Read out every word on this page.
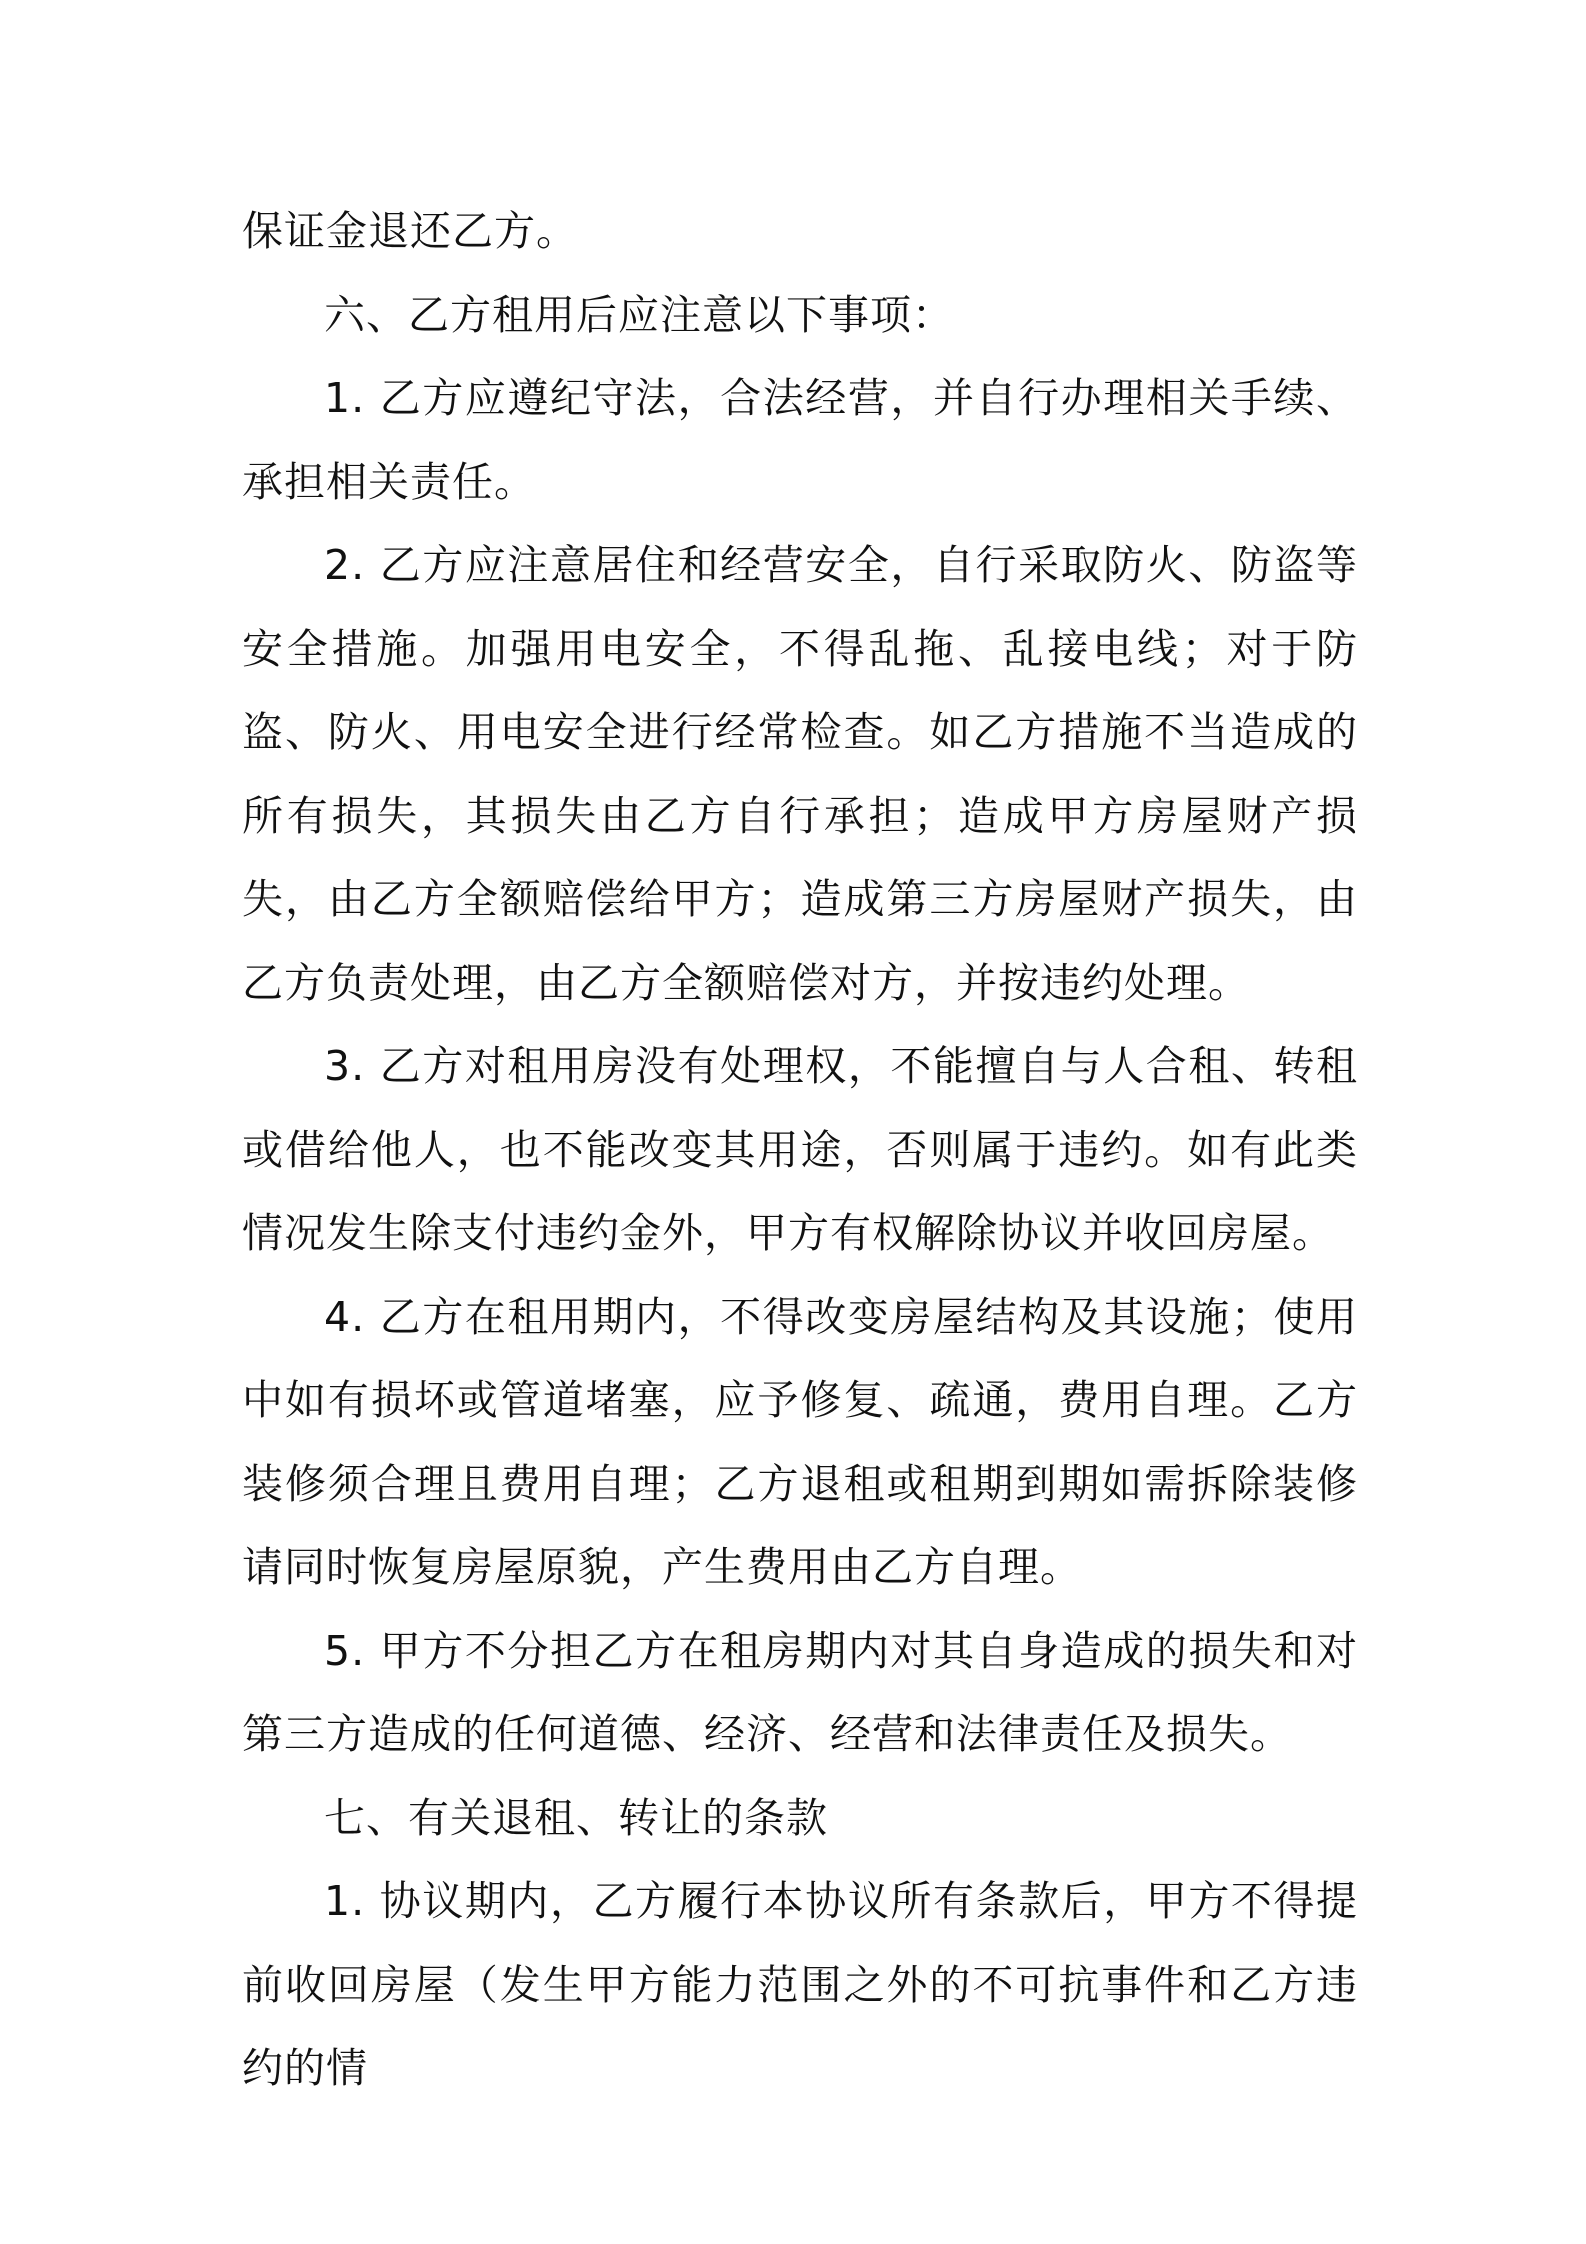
保证金退还乙方。

六、乙方租用后应注意以下事项：

1. 乙方应遵纪守法，合法经营，并自行办理相关手续、承担相关责任。

2. 乙方应注意居住和经营安全，自行采取防火、防盗等安全措施。加强用电安全，不得乱拖、乱接电线；对于防盗、防火、用电安全进行经常检查。如乙方措施不当造成的所有损失，其损失由乙方自行承担；造成甲方房屋财产损失，由乙方全额赔偿给甲方；造成第三方房屋财产损失，由乙方负责处理，由乙方全额赔偿对方，并按违约处理。

3. 乙方对租用房没有处理权，不能擅自与人合租、转租或借给他人，也不能改变其用途，否则属于违约。如有此类情况发生除支付违约金外，甲方有权解除协议并收回房屋。

4. 乙方在租用期内，不得改变房屋结构及其设施；使用中如有损坏或管道堵塞，应予修复、疏通，费用自理。乙方装修须合理且费用自理；乙方退租或租期到期如需拆除装修请同时恢复房屋原貌，产生费用由乙方自理。

5. 甲方不分担乙方在租房期内对其自身造成的损失和对第三方造成的任何道德、经济、经营和法律责任及损失。

七、有关退租、转让的条款

1. 协议期内，乙方履行本协议所有条款后，甲方不得提前收回房屋（发生甲方能力范围之外的不可抗事件和乙方违约的情
